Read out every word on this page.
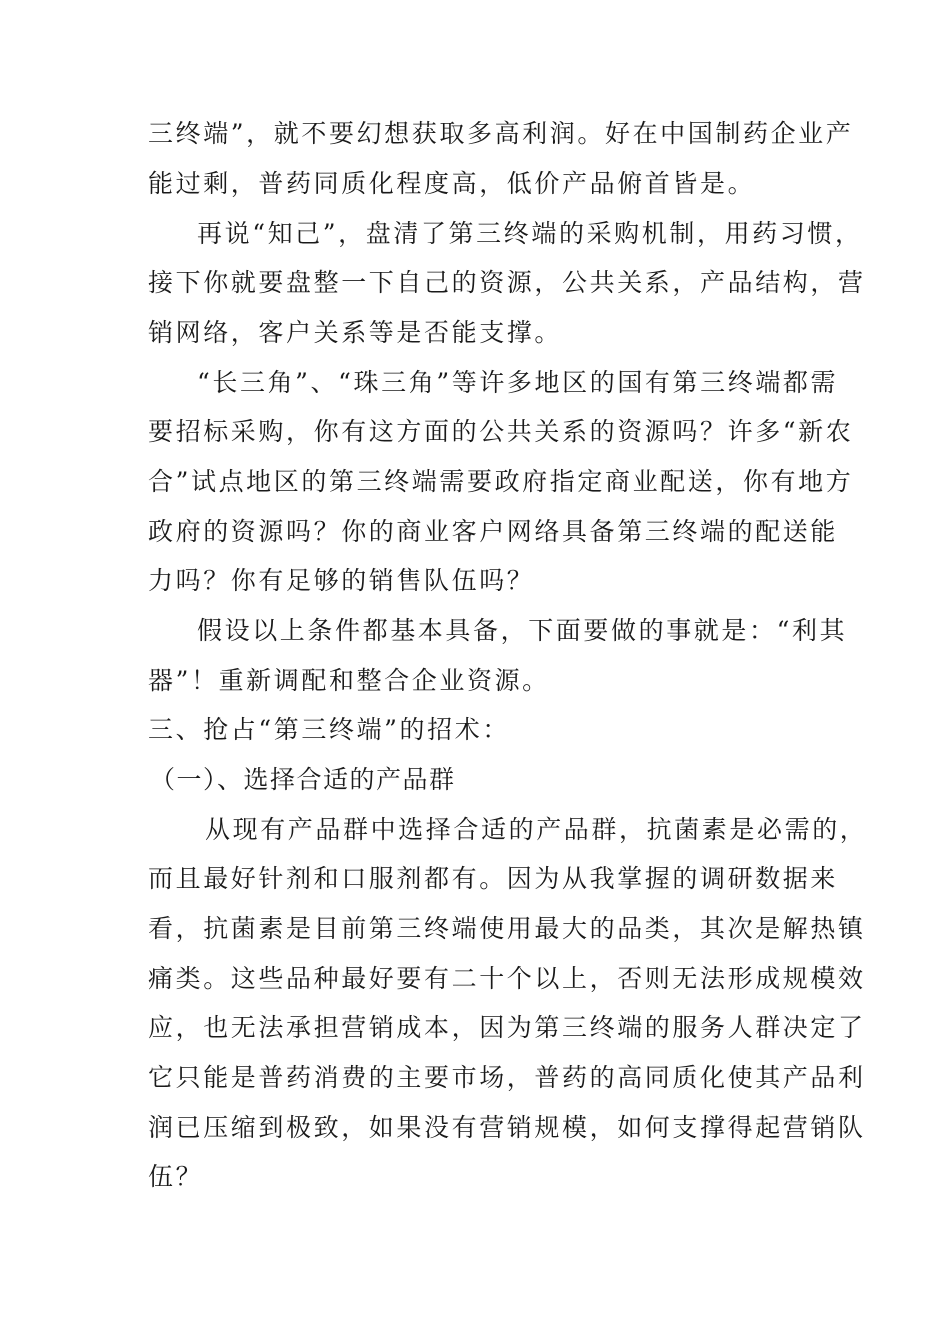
三终端”，就不要幻想获取多高利润。好在中国制药企业产
能过剩，普药同质化程度高，低价产品俯首皆是。
再说“知己”，盘清了第三终端的采购机制，用药习惯，
接下你就要盘整一下自己的资源，公共关系，产品结构，营
销网络，客户关系等是否能支撑。
“长三角”、“珠三角”等许多地区的国有第三终端都需
要招标采购，你有这方面的公共关系的资源吗？许多“新农
合”试点地区的第三终端需要政府指定商业配送，你有地方
政府的资源吗？你的商业客户网络具备第三终端的配送能
力吗？你有足够的销售队伍吗？
假设以上条件都基本具备，下面要做的事就是：“利其
器”！重新调配和整合企业资源。
三、抢占“第三终端”的招术：
（一）、选择合适的产品群
从现有产品群中选择合适的产品群，抗菌素是必需的，
而且最好针剂和口服剂都有。因为从我掌握的调研数据来
看，抗菌素是目前第三终端使用最大的品类，其次是解热镇
痛类。这些品种最好要有二十个以上，否则无法形成规模效
应，也无法承担营销成本，因为第三终端的服务人群决定了
它只能是普药消费的主要市场，普药的高同质化使其产品利
润已压缩到极致，如果没有营销规模，如何支撑得起营销队
伍？
